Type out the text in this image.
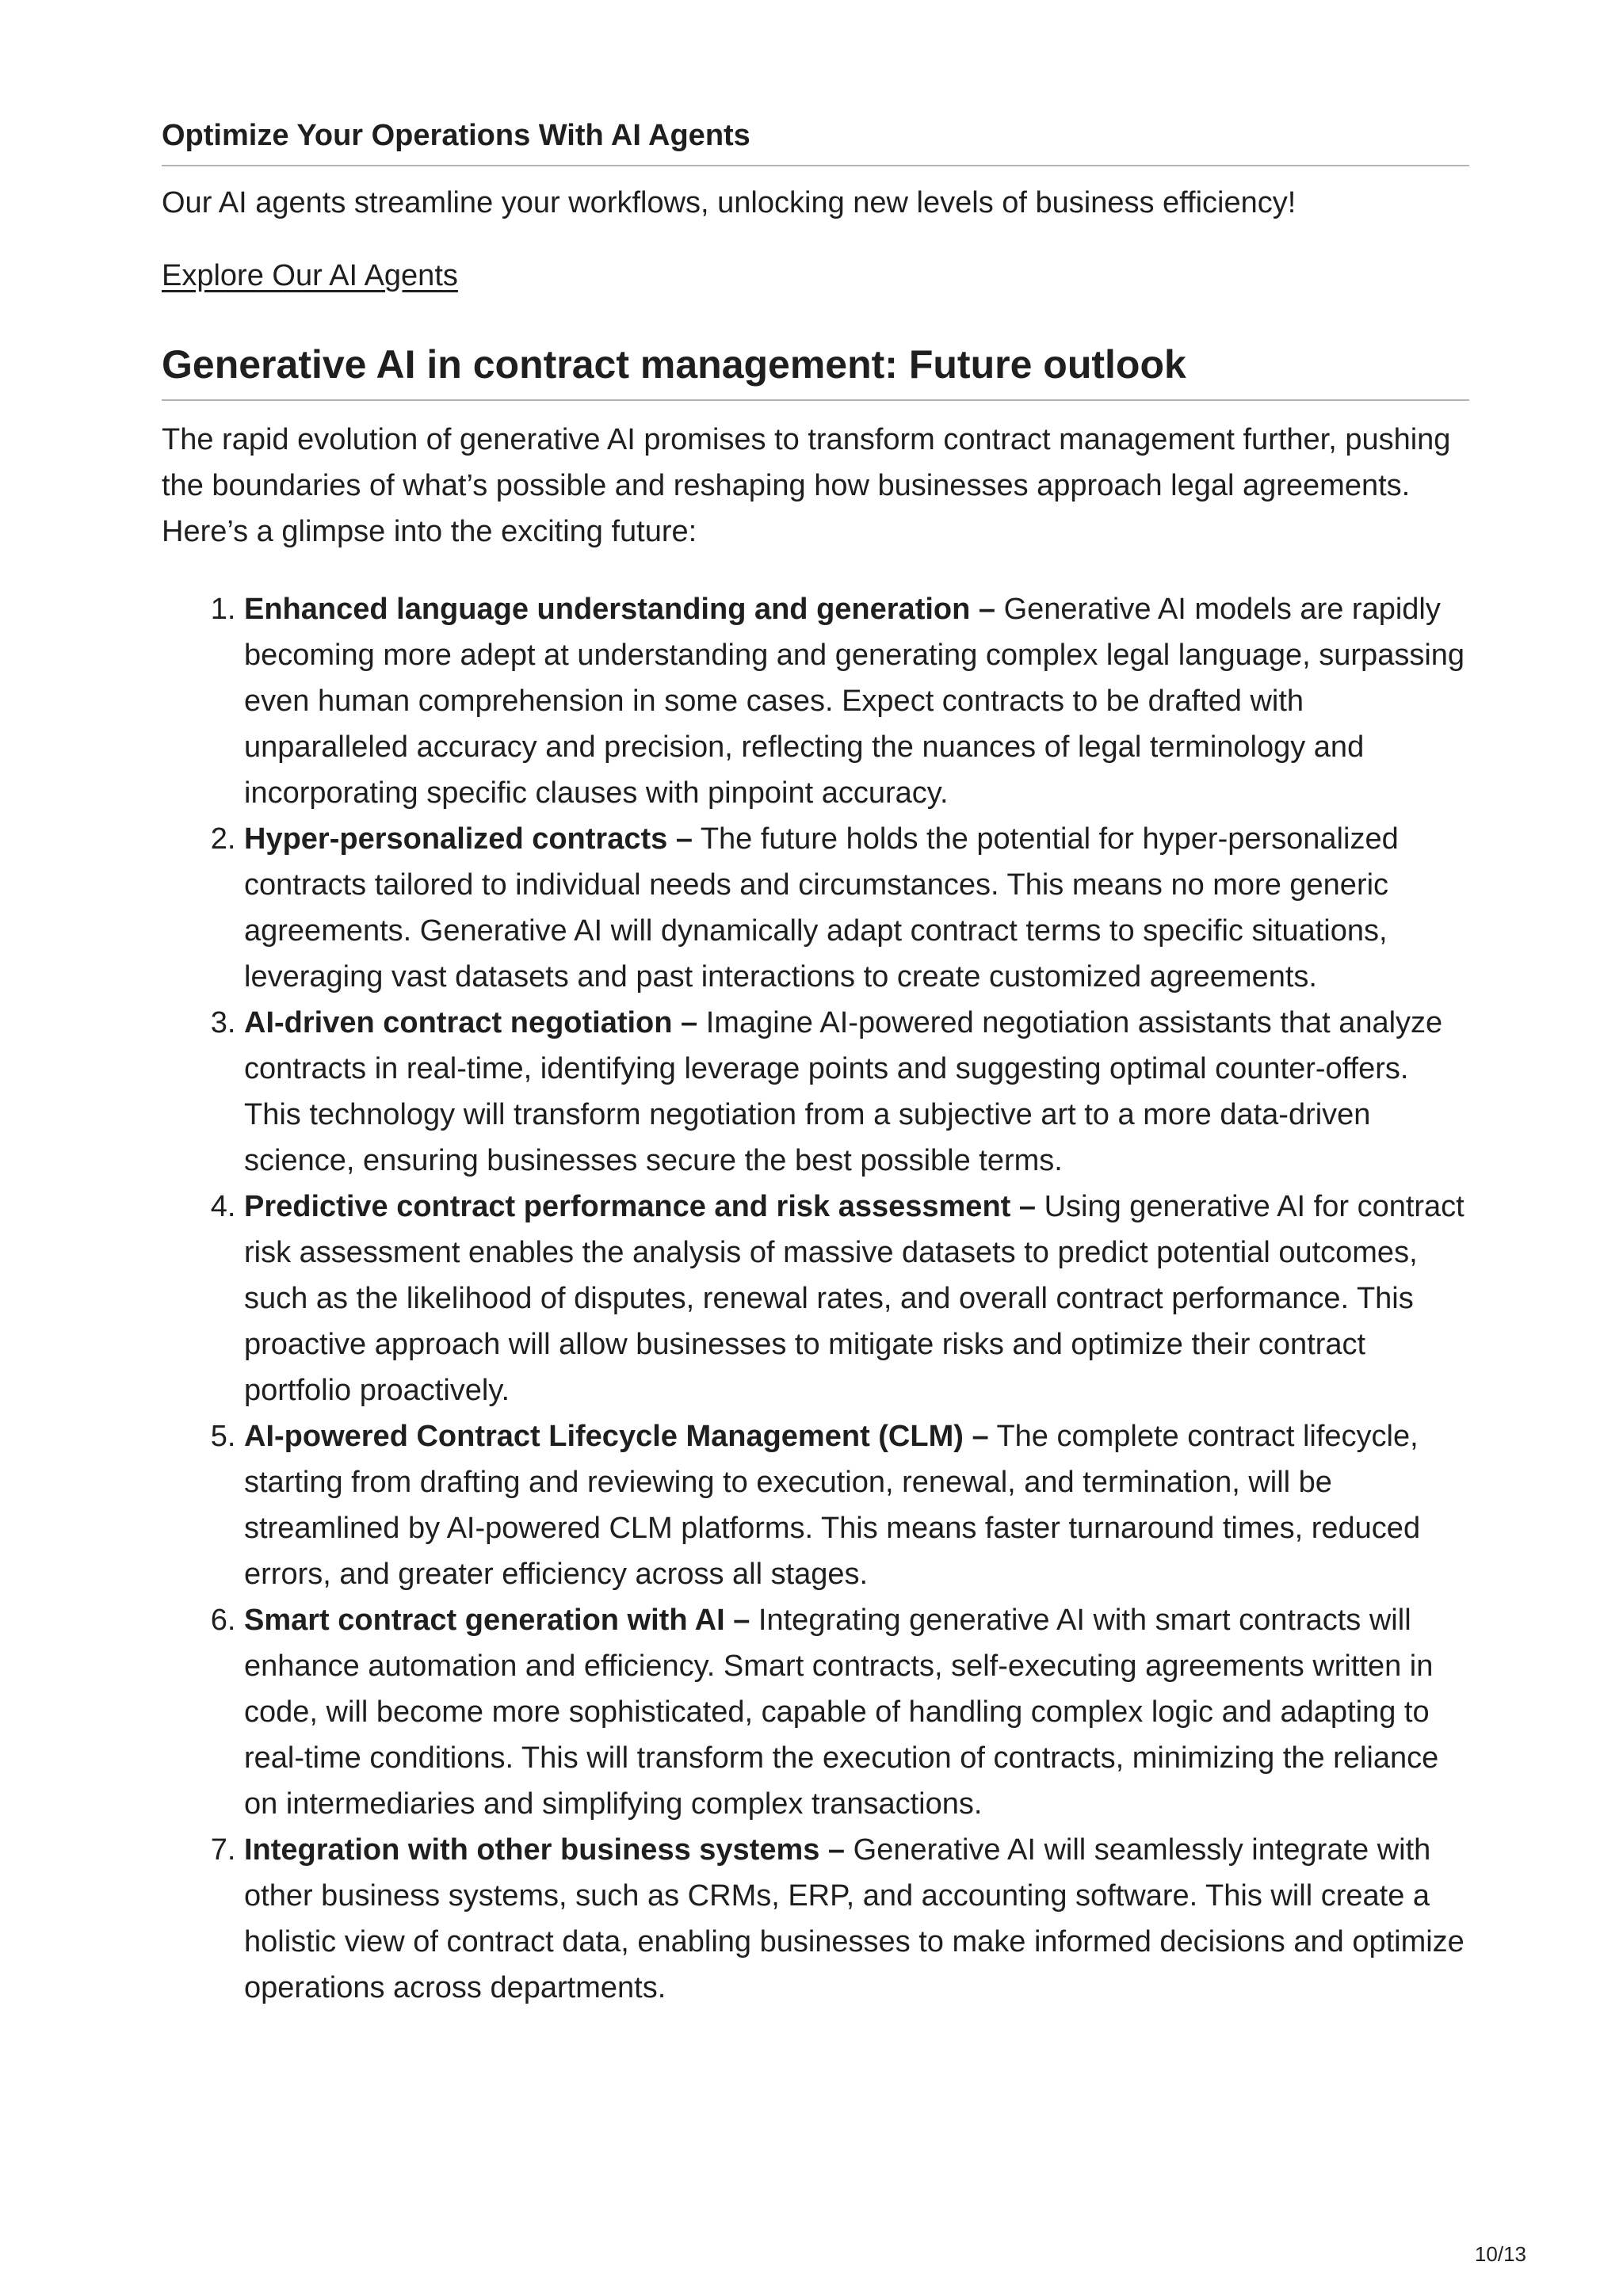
Optimize Your Operations With AI Agents

Our AI agents streamline your workflows, unlocking new levels of business efficiency!

Explore Our AI Agents
Generative AI in contract management: Future outlook

The rapid evolution of generative AI promises to transform contract management further, pushing the boundaries of what’s possible and reshaping how businesses approach legal agreements. Here’s a glimpse into the exciting future:

1. Enhanced language understanding and generation – Generative AI models are rapidly becoming more adept at understanding and generating complex legal language, surpassing even human comprehension in some cases. Expect contracts to be drafted with unparalleled accuracy and precision, reflecting the nuances of legal terminology and incorporating specific clauses with pinpoint accuracy.
2. Hyper-personalized contracts – The future holds the potential for hyper-personalized contracts tailored to individual needs and circumstances. This means no more generic agreements. Generative AI will dynamically adapt contract terms to specific situations, leveraging vast datasets and past interactions to create customized agreements.
3. AI-driven contract negotiation – Imagine AI-powered negotiation assistants that analyze contracts in real-time, identifying leverage points and suggesting optimal counter-offers. This technology will transform negotiation from a subjective art to a more data-driven science, ensuring businesses secure the best possible terms.
4. Predictive contract performance and risk assessment – Using generative AI for contract risk assessment enables the analysis of massive datasets to predict potential outcomes, such as the likelihood of disputes, renewal rates, and overall contract performance. This proactive approach will allow businesses to mitigate risks and optimize their contract portfolio proactively.
5. AI-powered Contract Lifecycle Management (CLM) – The complete contract lifecycle, starting from drafting and reviewing to execution, renewal, and termination, will be streamlined by AI-powered CLM platforms. This means faster turnaround times, reduced errors, and greater efficiency across all stages.
6. Smart contract generation with AI – Integrating generative AI with smart contracts will enhance automation and efficiency. Smart contracts, self-executing agreements written in code, will become more sophisticated, capable of handling complex logic and adapting to real-time conditions. This will transform the execution of contracts, minimizing the reliance on intermediaries and simplifying complex transactions.
7. Integration with other business systems – Generative AI will seamlessly integrate with other business systems, such as CRMs, ERP, and accounting software. This will create a holistic view of contract data, enabling businesses to make informed decisions and optimize operations across departments.
10/13
